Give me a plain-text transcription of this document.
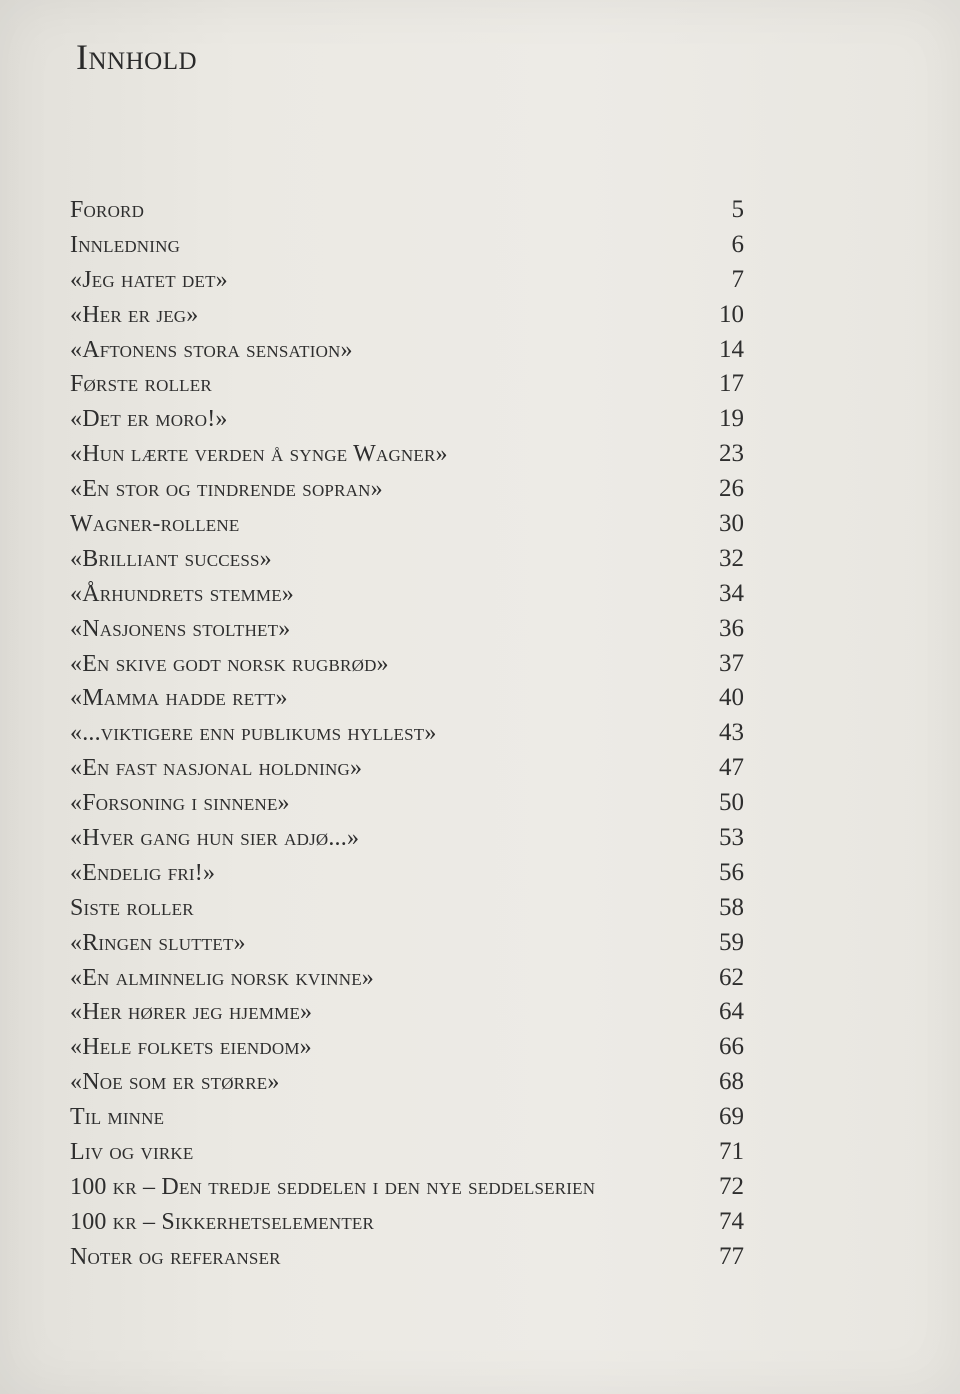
Innhold
Forord	5
Innledning	6
«Jeg hatet det»	7
«Her er jeg»	10
«Aftonens stora sensation»	14
Første roller	17
«Det er moro!»	19
«Hun lærte verden å synge Wagner»	23
«En stor og tindrende sopran»	26
Wagner-rollene	30
«Brilliant success»	32
«Århundrets stemme»	34
«Nasjonens stolthet»	36
«En skive godt norsk rugbrød»	37
«Mamma hadde rett»	40
«...viktigere enn publikums hyllest»	43
«En fast nasjonal holdning»	47
«Forsoning i sinnene»	50
«Hver gang hun sier adjø...»	53
«Endelig fri!»	56
Siste roller	58
«Ringen sluttet»	59
«En alminnelig norsk kvinne»	62
«Her hører jeg hjemme»	64
«Hele folkets eiendom»	66
«Noe som er større»	68
Til minne	69
Liv og virke	71
100 kr – Den tredje seddelen i den nye seddelserien	72
100 kr – Sikkerhetselementer	74
Noter og referanser	77
